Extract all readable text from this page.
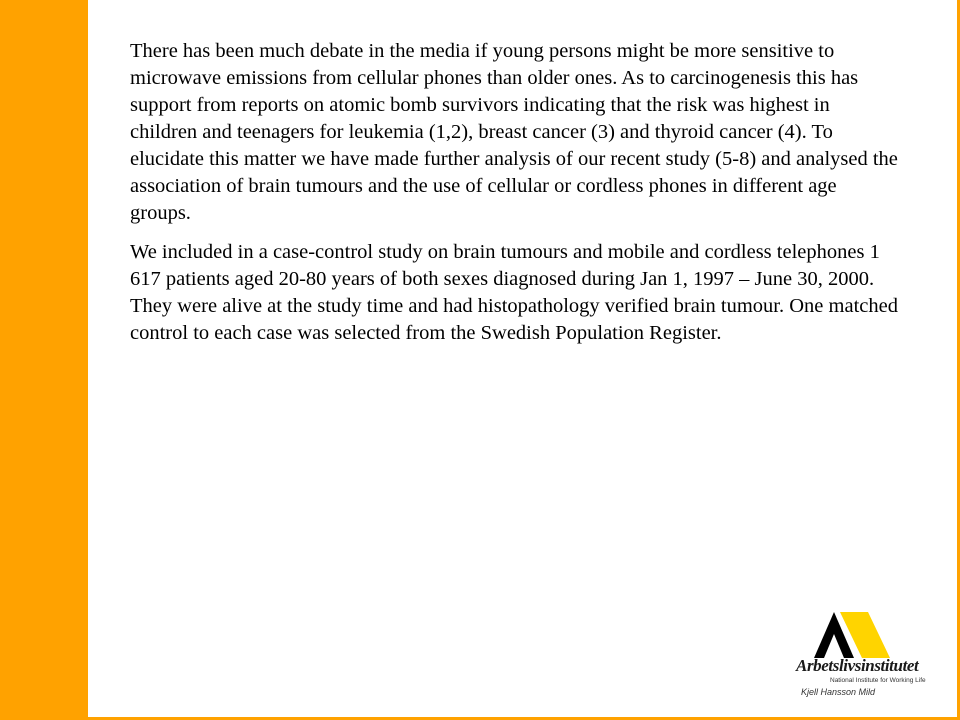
There has been much debate in the media if young persons might be more sensitive to microwave emissions from cellular phones than older ones. As to carcinogenesis this has support from reports on atomic bomb survivors indicating that the risk was highest in children and teenagers for leukemia (1,2), breast cancer (3) and thyroid cancer (4). To elucidate this matter we have made further analysis of our recent study (5-8) and analysed the association of brain tumours and the use of cellular or cordless phones in different age groups.

We included in a case-control study on brain tumours and mobile and cordless telephones 1 617 patients aged 20-80 years of both sexes diagnosed during Jan 1, 1997 – June 30, 2000. They were alive at the study time and had histopathology verified brain tumour. One matched control to each case was selected from the Swedish Population Register.

Arbetslivsinstitutet
National Institute for Working Life
Kjell Hansson Mild
